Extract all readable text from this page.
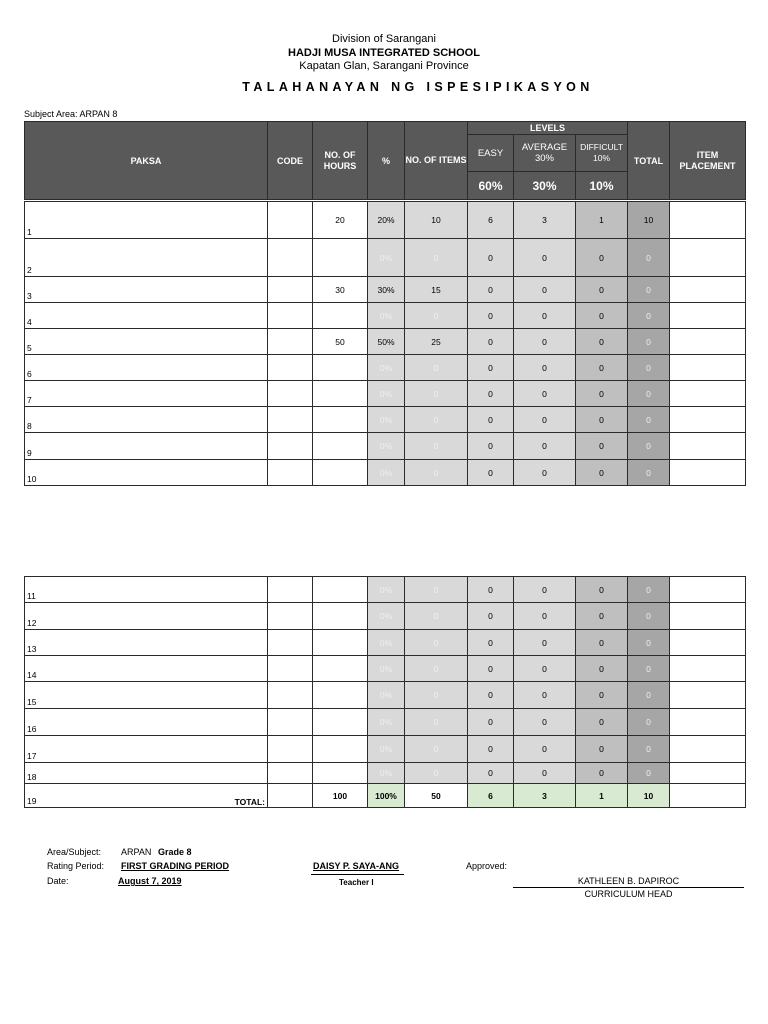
Division of Sarangani
HADJI MUSA INTEGRATED SCHOOL
Kapatan Glan, Sarangani Province
TALAHANAYAN NG ISPESIPIKASYON
Subject Area: ARPAN 8
PAKSA		CODE	NO. OF HOURS	%	NO. OF ITEMS	LEVELS			TOTAL	ITEM PLACEMENT
						EASY	AVERAGE 30%	DIFFICULT 10%		
						60%	30%	10%		

1			20	20%	10	6	3	1	10	
2				0%	0	0	0	0	0	
3			30	30%	15	0	0	0	0	
4				0%	0	0	0	0	0	
5			50	50%	25	0	0	0	0	
6				0%	0	0	0	0	0	
7				0%	0	0	0	0	0	
8				0%	0	0	0	0	0	
9				0%	0	0	0	0	0	
10				0%	0	0	0	0	0	
11				0%	0	0	0	0	0	
12				0%	0	0	0	0	0	
13				0%	0	0	0	0	0	
14				0%	0	0	0	0	0	
15				0%	0	0	0	0	0	
16				0%	0	0	0	0	0	
17				0%	0	0	0	0	0	
18				0%	0	0	0	0	0	
19	TOTAL:		100	100%	50	6	3	1	10	
Area/Subject: ARPAN Grade 8
Rating Period: FIRST GRADING PERIOD
Date:	August 7, 2019
DAISY P. SAYA-ANG
Teacher I
Approved:
KATHLEEN B. DAPIROC
CURRICULUM HEAD
